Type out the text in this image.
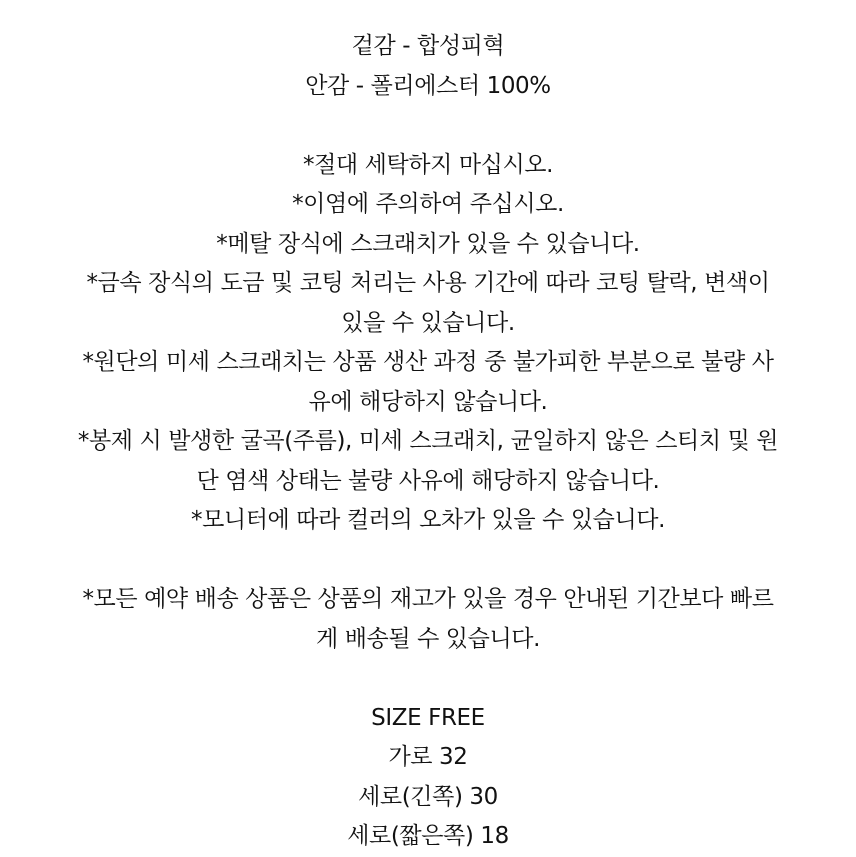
겉감 - 합성피혁
안감 - 폴리에스터 100%
*절대 세탁하지 마십시오.
*이염에 주의하여 주십시오.
*메탈 장식에 스크래치가 있을 수 있습니다.
*금속 장식의 도금 및 코팅 처리는 사용 기간에 따라 코팅 탈락, 변색이
있을 수 있습니다.
*원단의 미세 스크래치는 상품 생산 과정 중 불가피한 부분으로 불량 사
유에 해당하지 않습니다.
*봉제 시 발생한 굴곡(주름), 미세 스크래치, 균일하지 않은 스티치 및 원
단 염색 상태는 불량 사유에 해당하지 않습니다.
*모니터에 따라 컬러의 오차가 있을 수 있습니다.
*모든 예약 배송 상품은 상품의 재고가 있을 경우 안내된 기간보다 빠르
게 배송될 수 있습니다.
SIZE FREE
가로 32
세로(긴쪽) 30
세로(짧은쪽) 18
